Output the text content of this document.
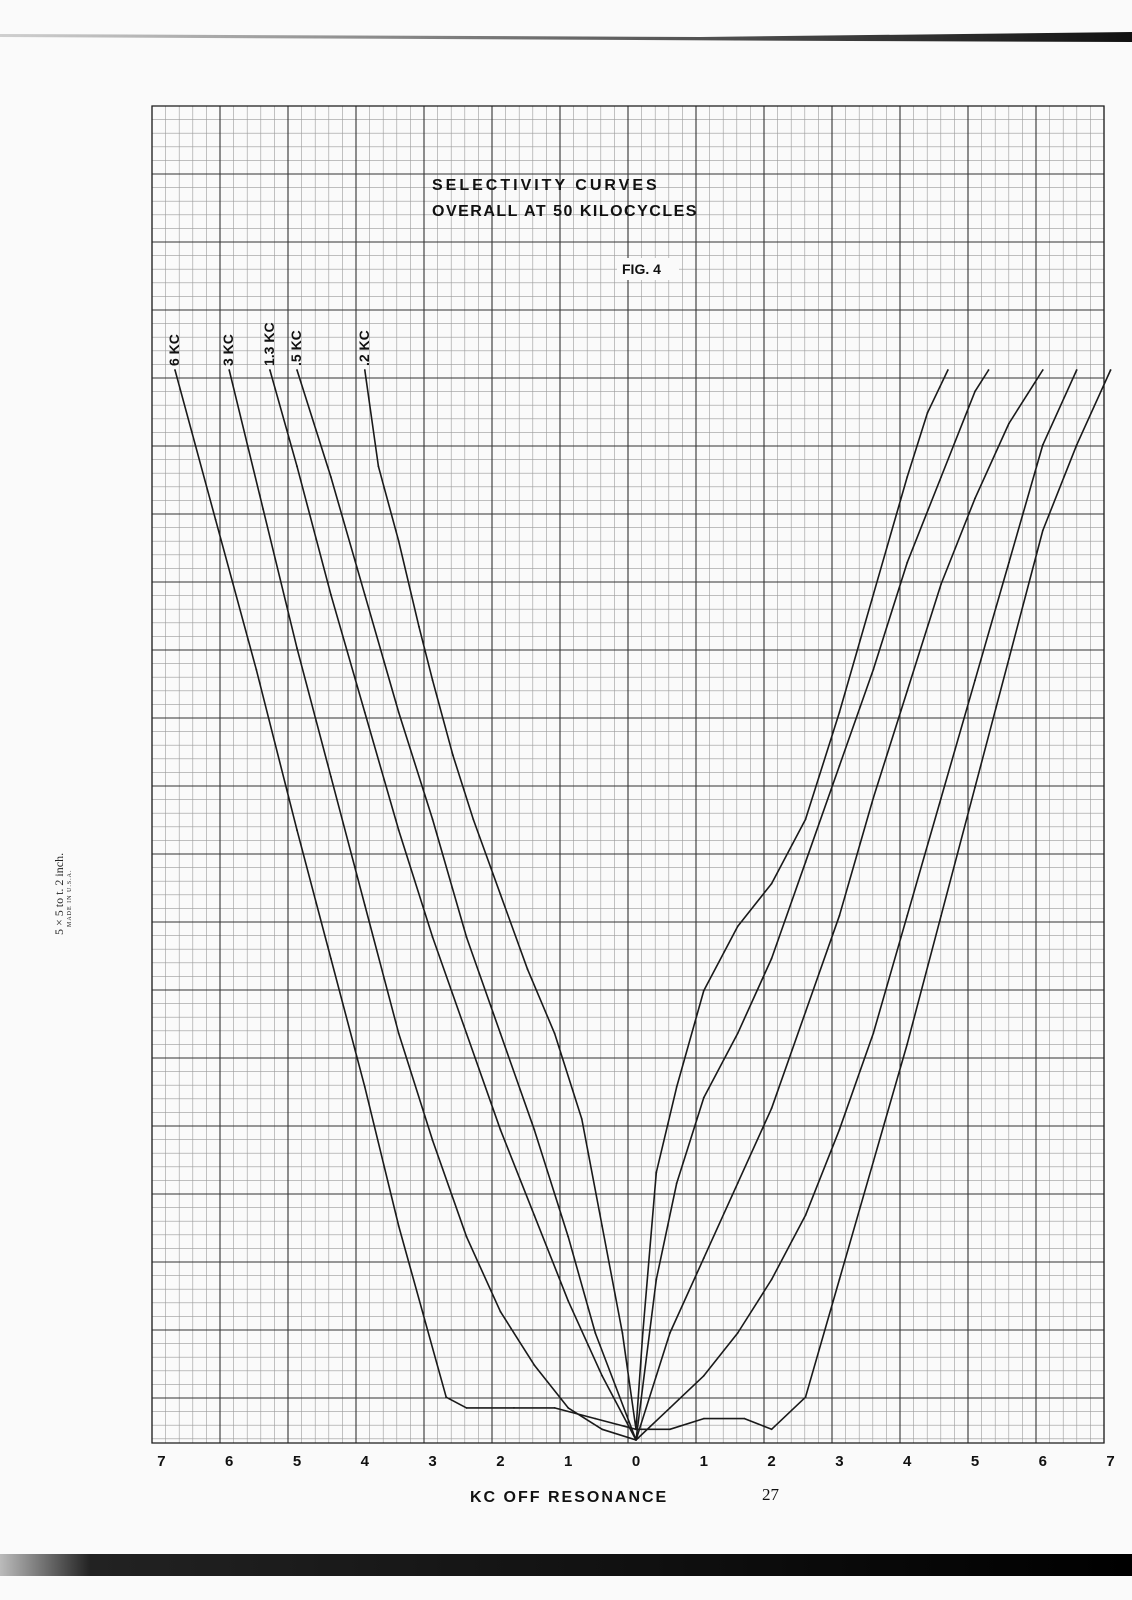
6 KC	3 KC 1.3 KC .5 KC	.2 KC
SELECTIVITY CURVES
OVERALL AT 50 KILOCYCLES
FIG. 4
7	6	5	4	3	2	1	0	1	2	3	4	5	6	7
KC OFF RESONANCE	27
5 × 5 to t. 2 inch. MADE IN U.S.A.
